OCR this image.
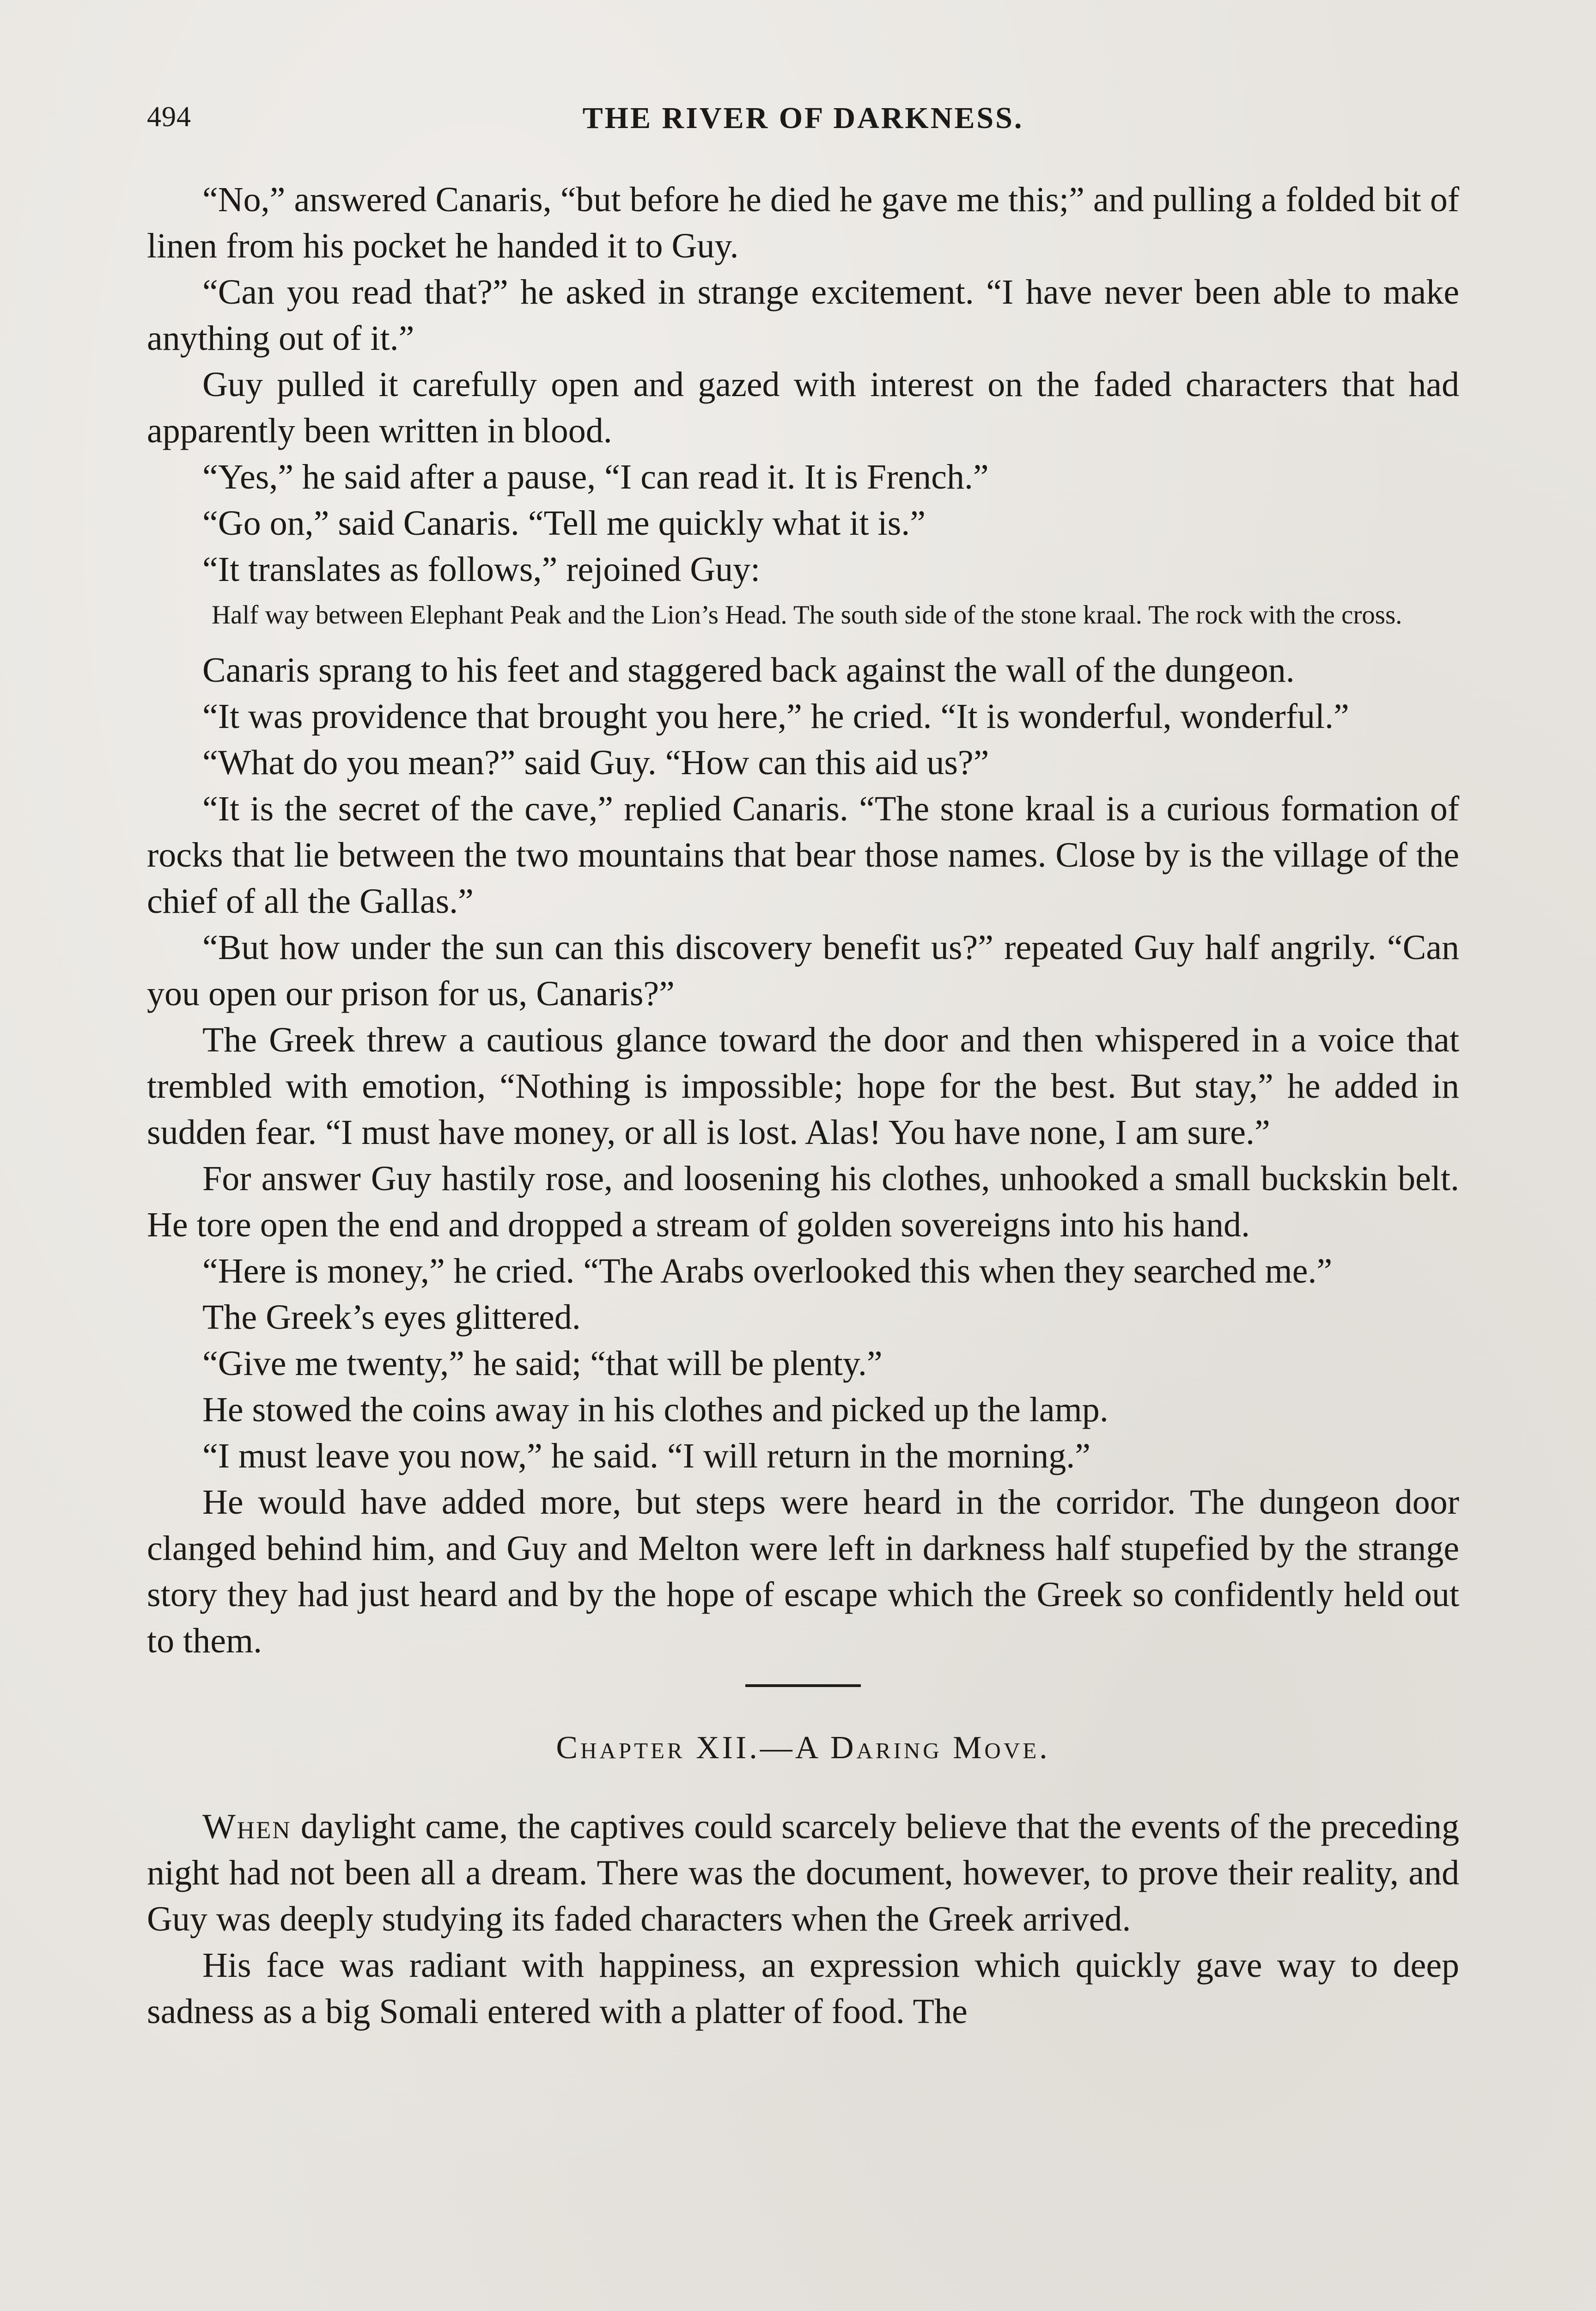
494	THE RIVER OF DARKNESS.

“No,” answered Canaris, “but before he died he gave me this;” and pulling a folded bit of linen from his pocket he handed it to Guy.

“Can you read that?” he asked in strange excitement. “I have never been able to make anything out of it.”

Guy pulled it carefully open and gazed with interest on the faded characters that had apparently been written in blood.

“Yes,” he said after a pause, “I can read it. It is French.”

“Go on,” said Canaris. “Tell me quickly what it is.”

“It translates as follows,” rejoined Guy:

Half way between Elephant Peak and the Lion’s Head. The south side of the stone kraal. The rock with the cross.

Canaris sprang to his feet and staggered back against the wall of the dungeon.

“It was providence that brought you here,” he cried. “It is wonderful, wonderful.”

“What do you mean?” said Guy. “How can this aid us?”

“It is the secret of the cave,” replied Canaris. “The stone kraal is a curious formation of rocks that lie between the two mountains that bear those names. Close by is the village of the chief of all the Gallas.”

“But how under the sun can this discovery benefit us?” repeated Guy half angrily. “Can you open our prison for us, Canaris?”

The Greek threw a cautious glance toward the door and then whispered in a voice that trembled with emotion, “Nothing is impossible; hope for the best. But stay,” he added in sudden fear. “I must have money, or all is lost. Alas! You have none, I am sure.”

For answer Guy hastily rose, and loosening his clothes, unhooked a small buckskin belt. He tore open the end and dropped a stream of golden sovereigns into his hand.

“Here is money,” he cried. “The Arabs overlooked this when they searched me.”

The Greek’s eyes glittered.

“Give me twenty,” he said; “that will be plenty.”

He stowed the coins away in his clothes and picked up the lamp.

“I must leave you now,” he said. “I will return in the morning.”

He would have added more, but steps were heard in the corridor. The dungeon door clanged behind him, and Guy and Melton were left in darkness half stupefied by the strange story they had just heard and by the hope of escape which the Greek so confidently held out to them.

Chapter XII.—A Daring Move.

When daylight came, the captives could scarcely believe that the events of the preceding night had not been all a dream. There was the document, however, to prove their reality, and Guy was deeply studying its faded characters when the Greek arrived.

His face was radiant with happiness, an expression which quickly gave way to deep sadness as a big Somali entered with a platter of food. The
